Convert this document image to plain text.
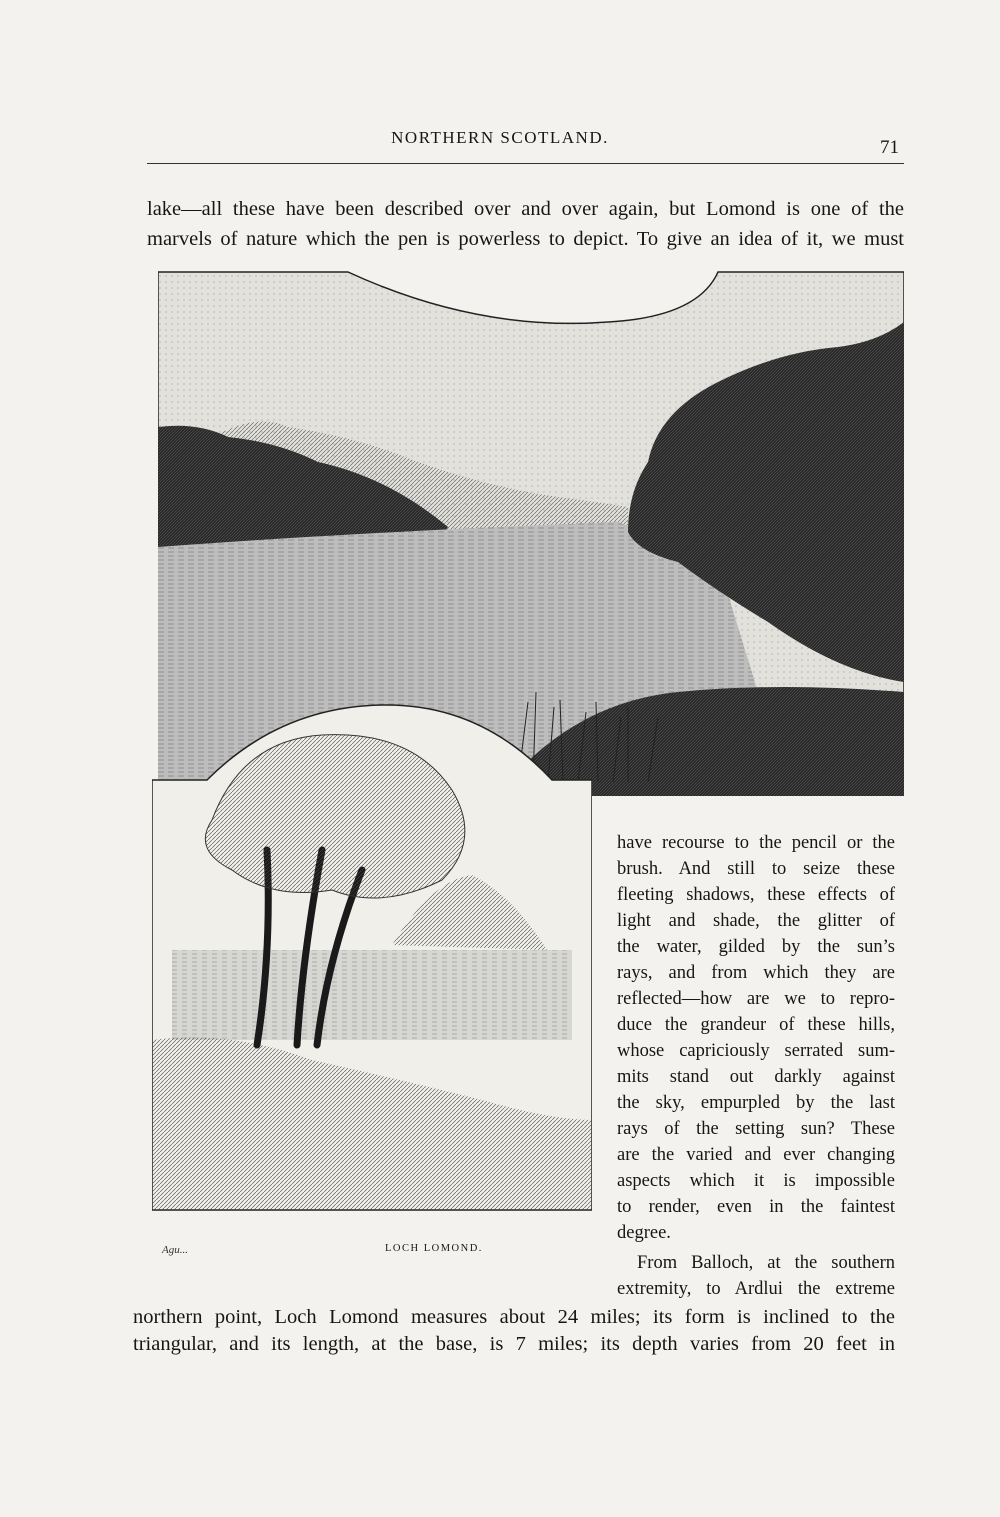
NORTHERN SCOTLAND.	71
lake—all these have been described over and over again, but Lomond is one of the
marvels of nature which the pen is powerless to depict. To give an idea of it, we must
Agu...	LOCH LOMOND.
have recourse to the pencil or the
brush. And still to seize these
fleeting shadows, these effects of
light and shade, the glitter of
the water, gilded by the sun’s
rays, and from which they are
reflected—how are we to repro-
duce the grandeur of these hills,
whose capriciously serrated sum-
mits stand out darkly against
the sky, empurpled by the last
rays of the setting sun? These
are the varied and ever changing
aspects which it is impossible
to render, even in the faintest
degree.
From Balloch, at the southern
extremity, to Ardlui the extreme
northern point, Loch Lomond measures about 24 miles; its form is inclined to the
triangular, and its length, at the base, is 7 miles; its depth varies from 20 feet in
